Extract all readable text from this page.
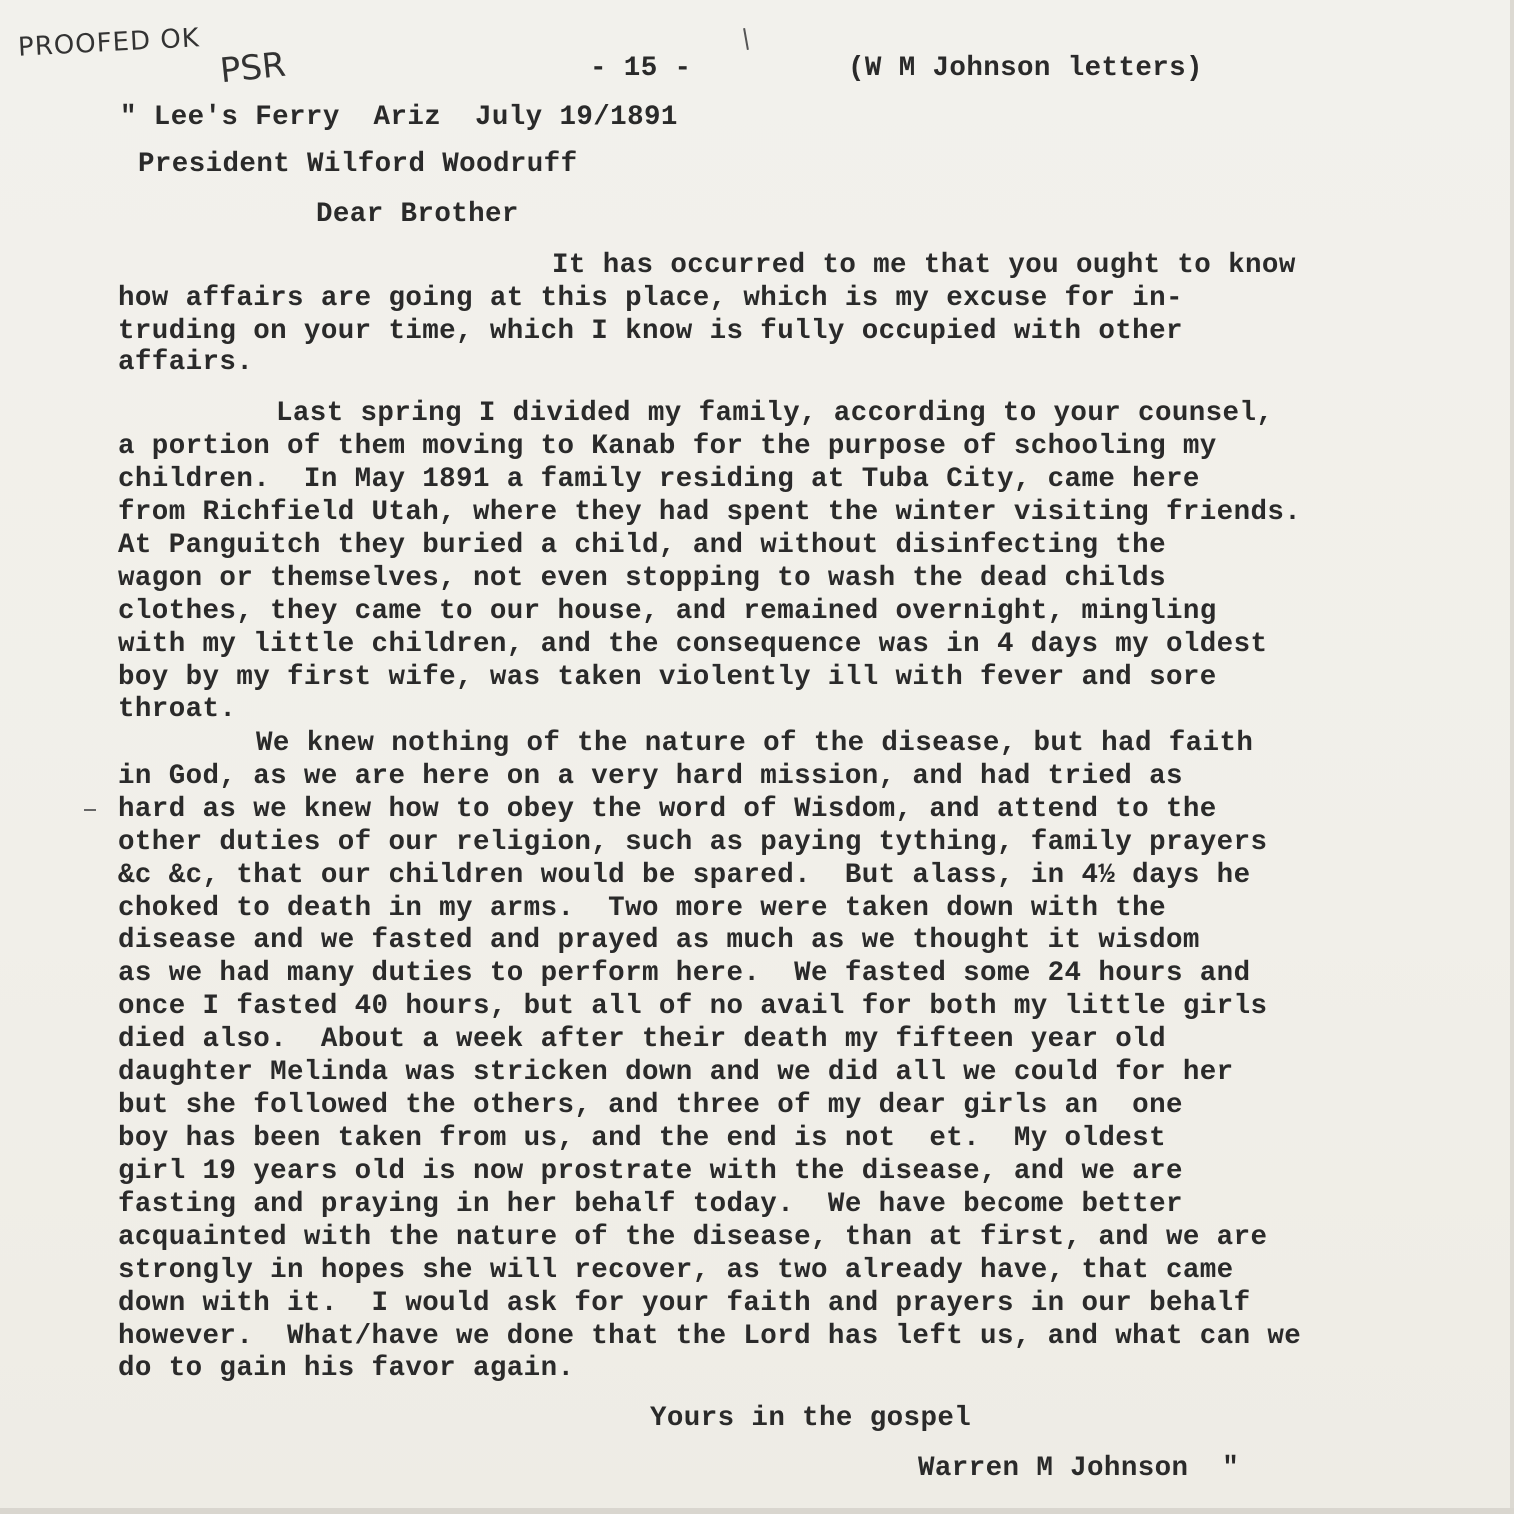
PROOFED OK
PSR	- 15 -	(W M Johnson letters)
" Lee's Ferry  Ariz  July 19/1891
President Wilford Woodruff
Dear Brother
It has occurred to me that you ought to know
how affairs are going at this place, which is my excuse for in-
truding on your time, which I know is fully occupied with other
affairs.
Last spring I divided my family, according to your counsel,
a portion of them moving to Kanab for the purpose of schooling my
children.  In May 1891 a family residing at Tuba City, came here
from Richfield Utah, where they had spent the winter visiting friends.
At Panguitch they buried a child, and without disinfecting the
wagon or themselves, not even stopping to wash the dead childs
clothes, they came to our house, and remained overnight, mingling
with my little children, and the consequence was in 4 days my oldest
boy by my first wife, was taken violently ill with fever and sore
throat.
We knew nothing of the nature of the disease, but had faith
in God, as we are here on a very hard mission, and had tried as
hard as we knew how to obey the word of Wisdom, and attend to the
other duties of our religion, such as paying tything, family prayers
&c &c, that our children would be spared.  But alass, in 4½ days he
choked to death in my arms.  Two more were taken down with the
disease and we fasted and prayed as much as we thought it wisdom
as we had many duties to perform here.  We fasted some 24 hours and
once I fasted 40 hours, but all of no avail for both my little girls
died also.  About a week after their death my fifteen year old
daughter Melinda was stricken down and we did all we could for her
but she followed the others, and three of my dear girls an  one
boy has been taken from us, and the end is not  et.  My oldest
girl 19 years old is now prostrate with the disease, and we are
fasting and praying in her behalf today.  We have become better
acquainted with the nature of the disease, than at first, and we are
strongly in hopes she will recover, as two already have, that came
down with it.  I would ask for your faith and prayers in our behalf
however.  What/have we done that the Lord has left us, and what can we
do to gain his favor again.
Yours in the gospel
Warren M Johnson  "
